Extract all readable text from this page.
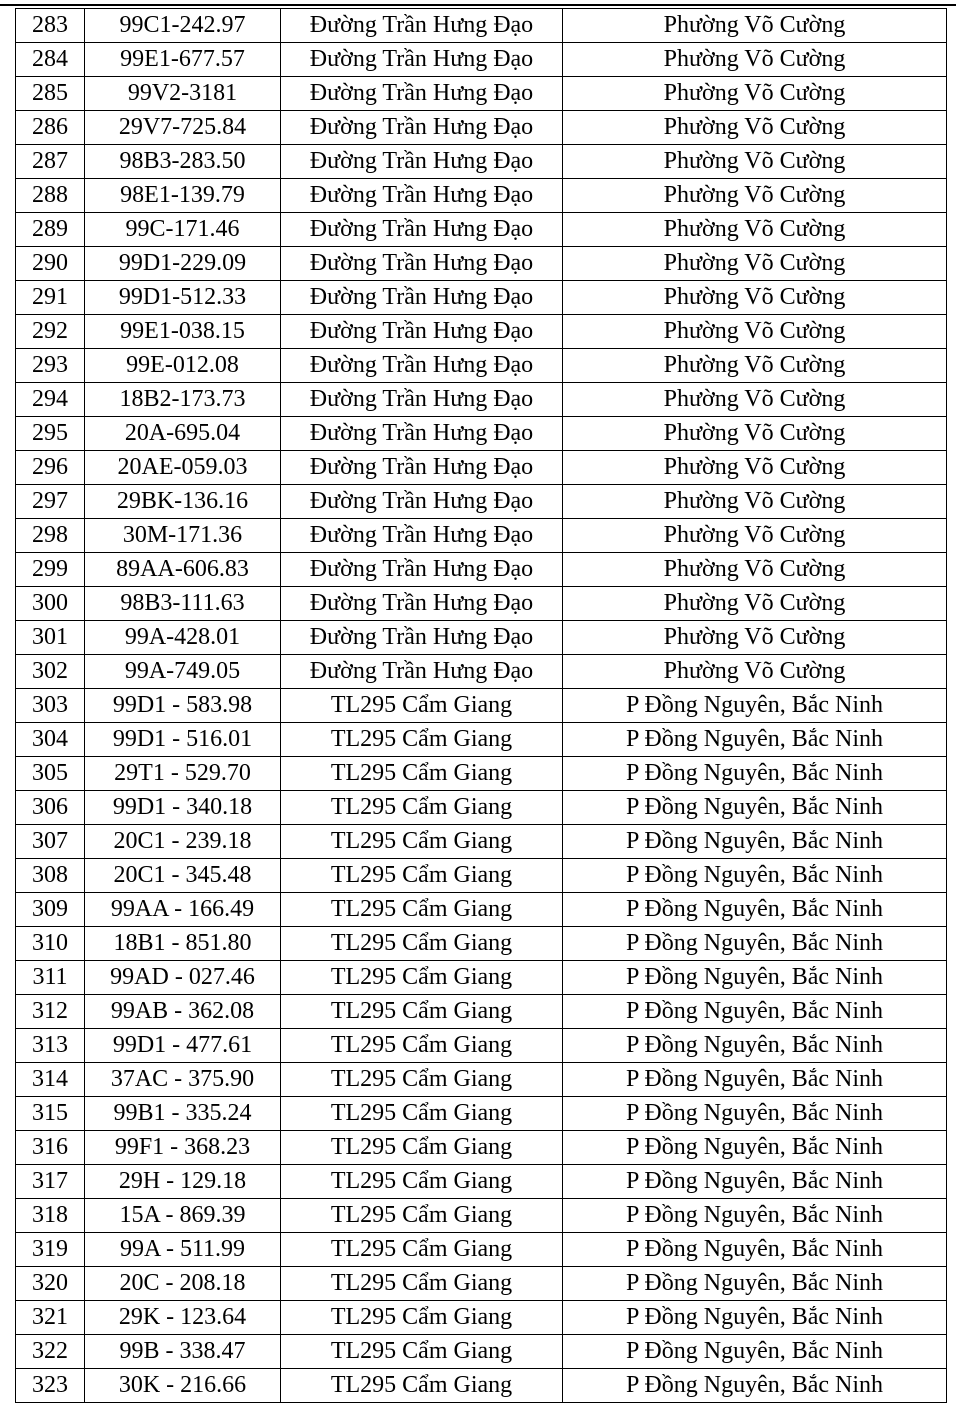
283	99C1-242.97	Đường Trần Hưng Đạo	Phường Võ Cường
284	99E1-677.57	Đường Trần Hưng Đạo	Phường Võ Cường
285	99V2-3181	Đường Trần Hưng Đạo	Phường Võ Cường
286	29V7-725.84	Đường Trần Hưng Đạo	Phường Võ Cường
287	98B3-283.50	Đường Trần Hưng Đạo	Phường Võ Cường
288	98E1-139.79	Đường Trần Hưng Đạo	Phường Võ Cường
289	99C-171.46	Đường Trần Hưng Đạo	Phường Võ Cường
290	99D1-229.09	Đường Trần Hưng Đạo	Phường Võ Cường
291	99D1-512.33	Đường Trần Hưng Đạo	Phường Võ Cường
292	99E1-038.15	Đường Trần Hưng Đạo	Phường Võ Cường
293	99E-012.08	Đường Trần Hưng Đạo	Phường Võ Cường
294	18B2-173.73	Đường Trần Hưng Đạo	Phường Võ Cường
295	20A-695.04	Đường Trần Hưng Đạo	Phường Võ Cường
296	20AE-059.03	Đường Trần Hưng Đạo	Phường Võ Cường
297	29BK-136.16	Đường Trần Hưng Đạo	Phường Võ Cường
298	30M-171.36	Đường Trần Hưng Đạo	Phường Võ Cường
299	89AA-606.83	Đường Trần Hưng Đạo	Phường Võ Cường
300	98B3-111.63	Đường Trần Hưng Đạo	Phường Võ Cường
301	99A-428.01	Đường Trần Hưng Đạo	Phường Võ Cường
302	99A-749.05	Đường Trần Hưng Đạo	Phường Võ Cường
303	99D1 - 583.98	TL295 Cẩm Giang	P Đồng Nguyên, Bắc Ninh
304	99D1 - 516.01	TL295 Cẩm Giang	P Đồng Nguyên, Bắc Ninh
305	29T1 - 529.70	TL295 Cẩm Giang	P Đồng Nguyên, Bắc Ninh
306	99D1 - 340.18	TL295 Cẩm Giang	P Đồng Nguyên, Bắc Ninh
307	20C1 - 239.18	TL295 Cẩm Giang	P Đồng Nguyên, Bắc Ninh
308	20C1 - 345.48	TL295 Cẩm Giang	P Đồng Nguyên, Bắc Ninh
309	99AA - 166.49	TL295 Cẩm Giang	P Đồng Nguyên, Bắc Ninh
310	18B1 - 851.80	TL295 Cẩm Giang	P Đồng Nguyên, Bắc Ninh
311	99AD - 027.46	TL295 Cẩm Giang	P Đồng Nguyên, Bắc Ninh
312	99AB - 362.08	TL295 Cẩm Giang	P Đồng Nguyên, Bắc Ninh
313	99D1 - 477.61	TL295 Cẩm Giang	P Đồng Nguyên, Bắc Ninh
314	37AC - 375.90	TL295 Cẩm Giang	P Đồng Nguyên, Bắc Ninh
315	99B1 - 335.24	TL295 Cẩm Giang	P Đồng Nguyên, Bắc Ninh
316	99F1 - 368.23	TL295 Cẩm Giang	P Đồng Nguyên, Bắc Ninh
317	29H - 129.18	TL295 Cẩm Giang	P Đồng Nguyên, Bắc Ninh
318	15A - 869.39	TL295 Cẩm Giang	P Đồng Nguyên, Bắc Ninh
319	99A - 511.99	TL295 Cẩm Giang	P Đồng Nguyên, Bắc Ninh
320	20C - 208.18	TL295 Cẩm Giang	P Đồng Nguyên, Bắc Ninh
321	29K - 123.64	TL295 Cẩm Giang	P Đồng Nguyên, Bắc Ninh
322	99B - 338.47	TL295 Cẩm Giang	P Đồng Nguyên, Bắc Ninh
323	30K - 216.66	TL295 Cẩm Giang	P Đồng Nguyên, Bắc Ninh
